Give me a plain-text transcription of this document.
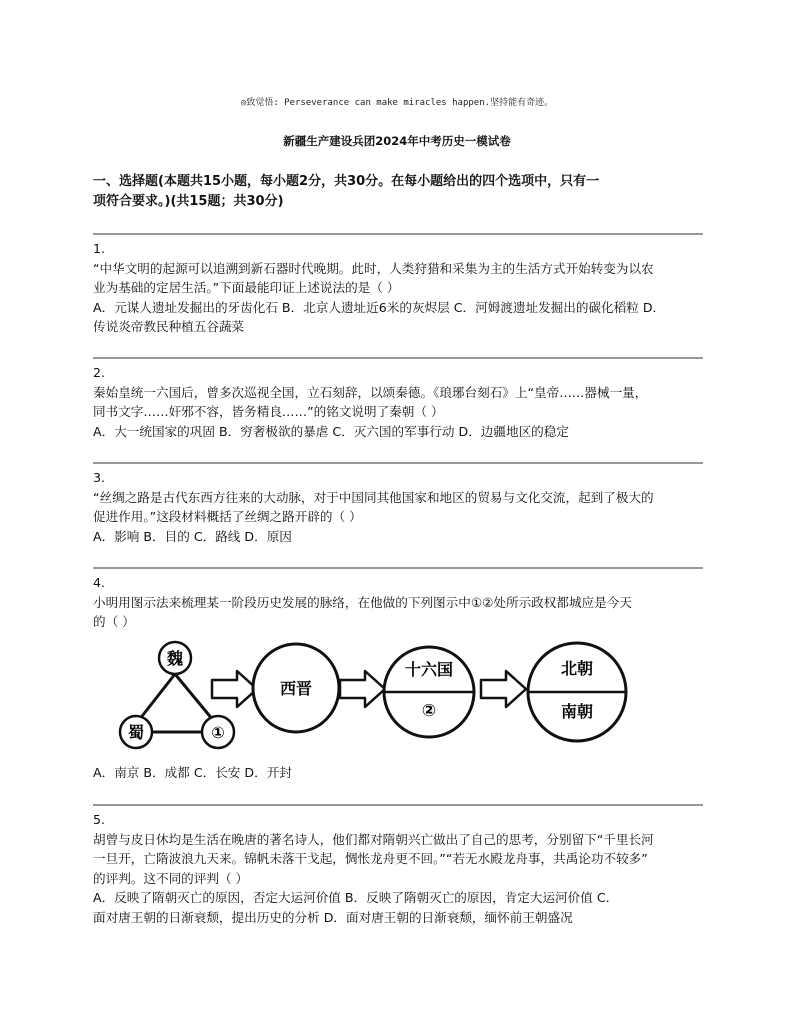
◎致觉悟: Perseverance can make miracles happen.坚持能有奇迹。
新疆生产建设兵团2024年中考历史一模试卷
一、选择题(本题共15小题，每小题2分，共30分。在每小题给出的四个选项中，只有一
项符合要求。)(共15题；共30分)

1.

“中华文明的起源可以追溯到新石器时代晚期。此时，人类狩猎和采集为主的生活方式开始转变为以农

业为基础的定居生活。”下面最能印证上述说法的是（ ）

A．元谋人遗址发掘出的牙齿化石 B．北京人遗址近6米的灰烬层 C．河姆渡遗址发掘出的碳化稻粒 D．

传说炎帝教民种植五谷蔬菜

2.

秦始皇统一六国后，曾多次巡视全国，立石刻辞，以颂秦德。《琅琊台刻石》上“皇帝……器械一量，

同书文字……奸邪不容，皆务精良……”的铭文说明了秦朝（ ）

A．大一统国家的巩固 B．穷奢极欲的暴虐 C．灭六国的军事行动 D．边疆地区的稳定

3.

“丝绸之路是古代东西方往来的大动脉，对于中国同其他国家和地区的贸易与文化交流，起到了极大的

促进作用。”这段材料概括了丝绸之路开辟的（ ）

A．影响 B．目的 C．路线 D．原因

4.

小明用图示法来梳理某一阶段历史发展的脉络，在他做的下列图示中①②处所示政权都城应是今天

的（ ）

魏
蜀	①
西晋
十六国
②
北朝
南朝

A．南京 B．成都 C．长安 D．开封

5.

胡曾与皮日休均是生活在晚唐的著名诗人，他们都对隋朝兴亡做出了自己的思考，分别留下“千里长河

一旦开，亡隋波浪九天来。锦帆未落干戈起，惆怅龙舟更不回。”“若无水殿龙舟事，共禹论功不较多”

的评判。这不同的评判（ ）

A．反映了隋朝灭亡的原因，否定大运河价值 B．反映了隋朝灭亡的原因，肯定大运河价值 C．

面对唐王朝的日渐衰颓，提出历史的分析 D．面对唐王朝的日渐衰颓，缅怀前王朝盛况
